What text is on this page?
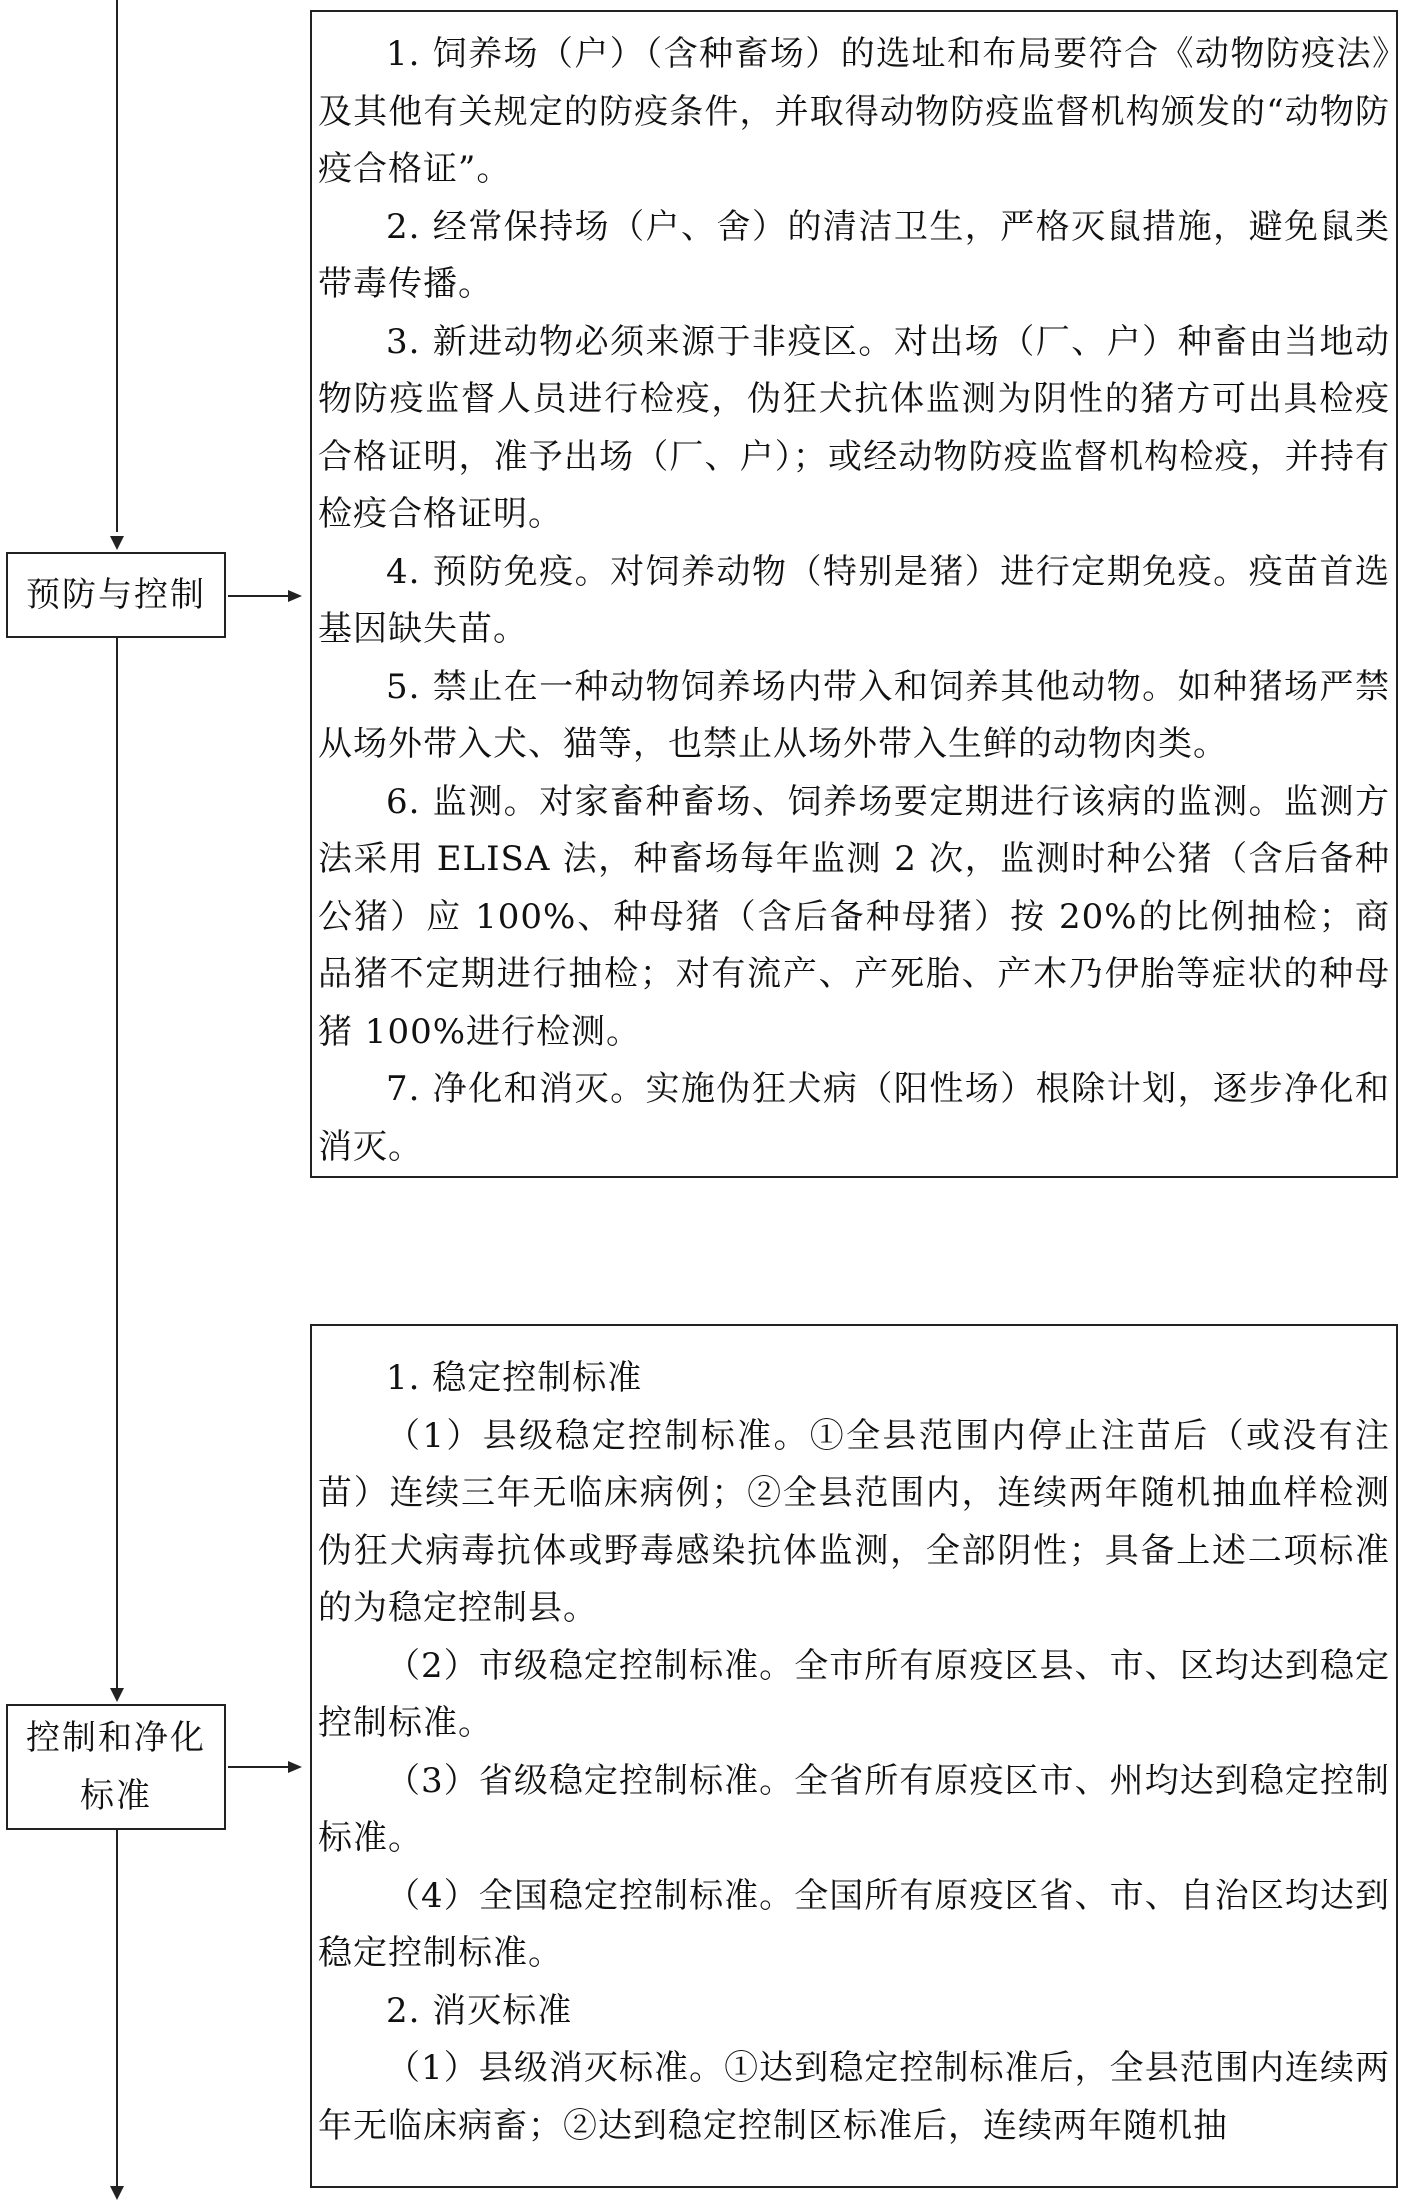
预防与控制

1. 饲养场（户）（含种畜场）的选址和布局要符合《动物防疫法》及其他有关规定的防疫条件，并取得动物防疫监督机构颁发的“动物防疫合格证”。

2. 经常保持场（户、舍）的清洁卫生，严格灭鼠措施，避免鼠类带毒传播。

3. 新进动物必须来源于非疫区。对出场（厂、户）种畜由当地动物防疫监督人员进行检疫，伪狂犬抗体监测为阴性的猪方可出具检疫合格证明，准予出场（厂、户）；或经动物防疫监督机构检疫，并持有检疫合格证明。

4. 预防免疫。对饲养动物（特别是猪）进行定期免疫。疫苗首选基因缺失苗。

5. 禁止在一种动物饲养场内带入和饲养其他动物。如种猪场严禁从场外带入犬、猫等，也禁止从场外带入生鲜的动物肉类。

6. 监测。对家畜种畜场、饲养场要定期进行该病的监测。监测方法采用 ELISA 法，种畜场每年监测 2 次，监测时种公猪（含后备种公猪）应 100%、种母猪（含后备种母猪）按 20%的比例抽检；商品猪不定期进行抽检；对有流产、产死胎、产木乃伊胎等症状的种母猪 100%进行检测。

7. 净化和消灭。实施伪狂犬病（阳性场）根除计划，逐步净化和消灭。

控制和净化
标准

1. 稳定控制标准

（1）县级稳定控制标准。①全县范围内停止注苗后（或没有注苗）连续三年无临床病例；②全县范围内，连续两年随机抽血样检测伪狂犬病毒抗体或野毒感染抗体监测，全部阴性；具备上述二项标准的为稳定控制县。

（2）市级稳定控制标准。全市所有原疫区县、市、区均达到稳定控制标准。

（3）省级稳定控制标准。全省所有原疫区市、州均达到稳定控制标准。

（4）全国稳定控制标准。全国所有原疫区省、市、自治区均达到稳定控制标准。

2. 消灭标准

（1）县级消灭标准。①达到稳定控制标准后，全县范围内连续两年无临床病畜；②达到稳定控制区标准后，连续两年随机抽
